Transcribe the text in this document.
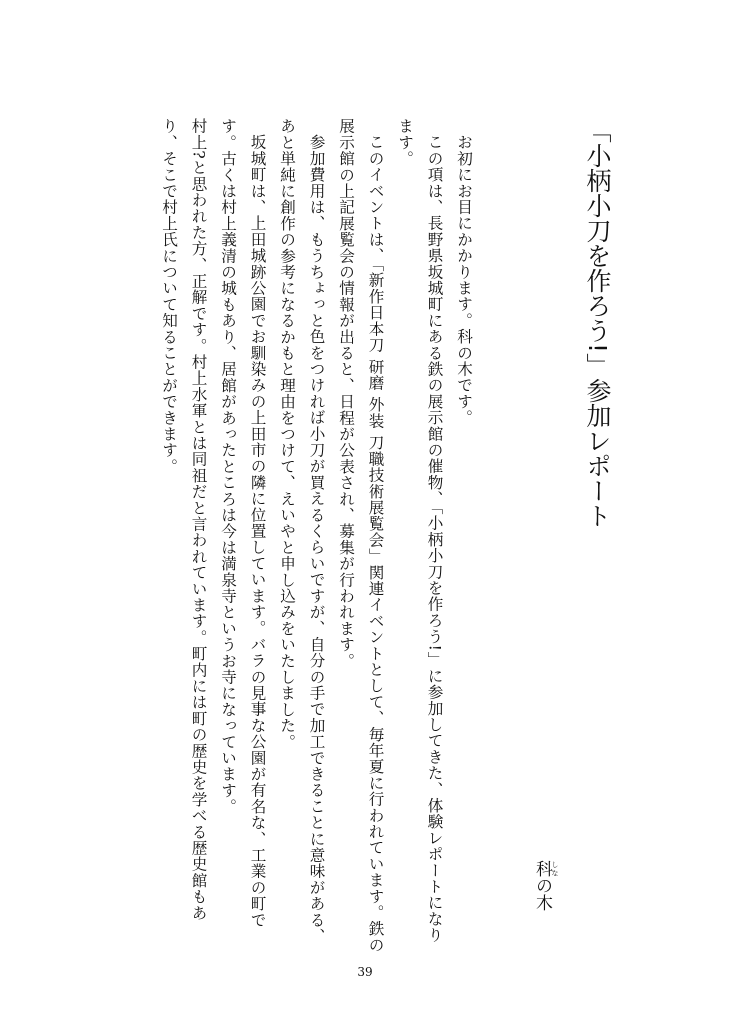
「小柄小刀を作ろう!」参加レポート
科 しなの木

お初にお目にかかります。科の木です。

この項は、長野県坂城町にある鉄の展示館の催物、「小柄小刀を作ろう!」に参加してきた、体験レポートになります。

このイベントは、「新作日本刀 研磨 外装 刀職技術展覧会」関連イベントとして、毎年夏に行われています。鉄の展示館の上記展覧会の情報が出ると、日程が公表され、募集が行われます。

参加費用は、もうちょっと色をつければ小刀が買えるくらいですが、自分の手で加工できることに意味がある、あと単純に創作の参考になるかもと理由をつけて、えいやと申し込みをいたしました。

坂城町は、上田城跡公園でお馴染みの上田市の隣に位置しています。バラの見事な公園が有名な、工業の町です。古くは村上義清の城もあり、居館があったところは今は満泉寺というお寺になっています。

村上?と思われた方、正解です。村上水軍とは同祖だと言われています。町内には町の歴史を学べる歴史館もあり、そこで村上氏について知ることができます。

39
